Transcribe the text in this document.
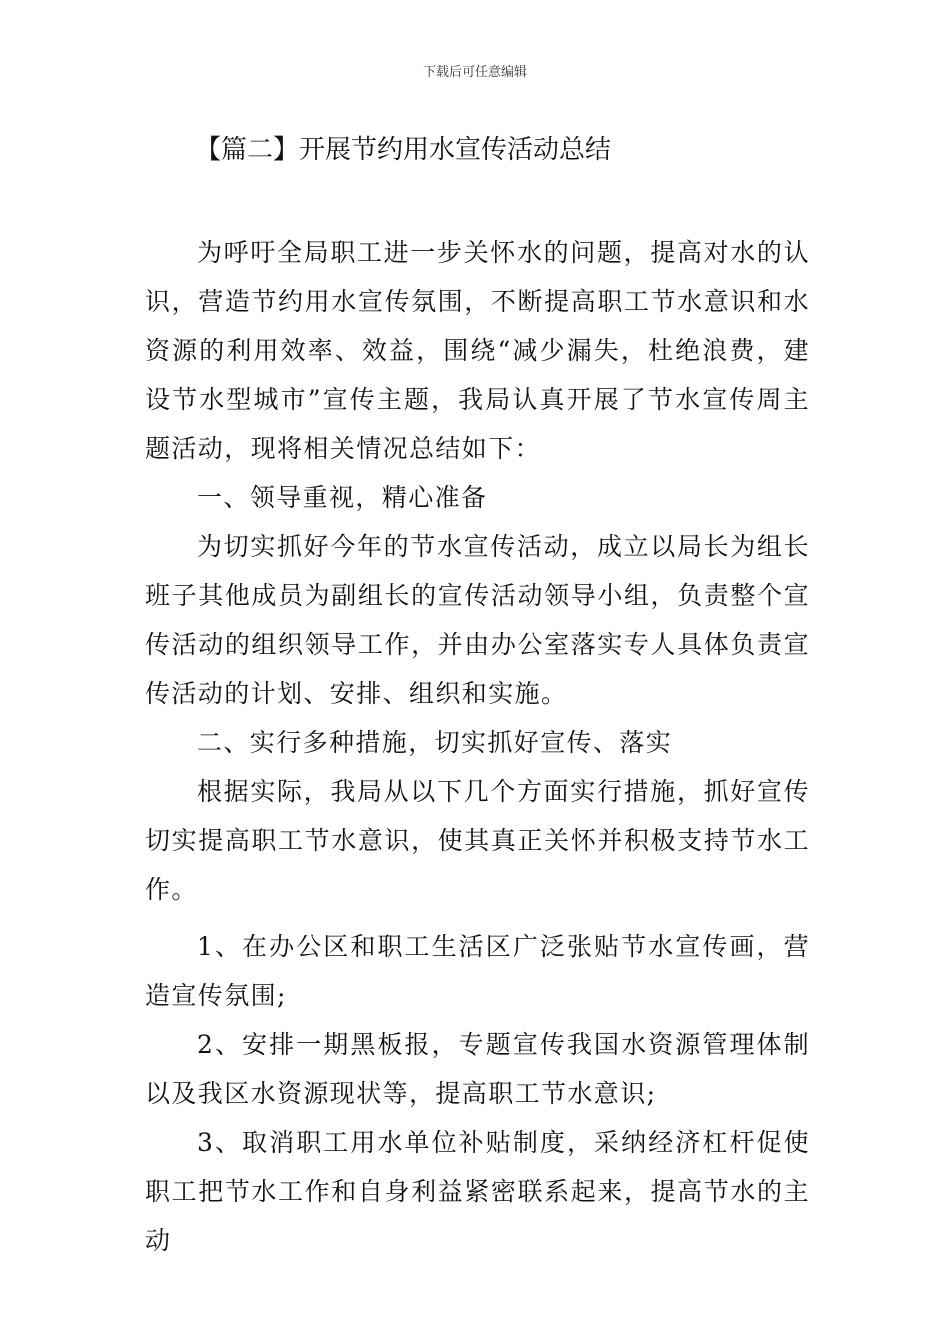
下载后可任意编辑
【篇二】开展节约用水宣传活动总结

为呼吁全局职工进一步关怀水的问题，提高对水的认识，营造节约用水宣传氛围，不断提高职工节水意识和水资源的利用效率、效益，围绕“减少漏失，杜绝浪费，建设节水型城市”宣传主题，我局认真开展了节水宣传周主题活动，现将相关情况总结如下：

一、领导重视，精心准备

为切实抓好今年的节水宣传活动，成立以局长为组长班子其他成员为副组长的宣传活动领导小组，负责整个宣传活动的组织领导工作，并由办公室落实专人具体负责宣传活动的计划、安排、组织和实施。

二、实行多种措施，切实抓好宣传、落实

根据实际，我局从以下几个方面实行措施，抓好宣传切实提高职工节水意识，使其真正关怀并积极支持节水工作。

1、在办公区和职工生活区广泛张贴节水宣传画，营造宣传氛围;

2、安排一期黑板报，专题宣传我国水资源管理体制以及我区水资源现状等，提高职工节水意识;

3、取消职工用水单位补贴制度，采纳经济杠杆促使职工把节水工作和自身利益紧密联系起来，提高节水的主动
